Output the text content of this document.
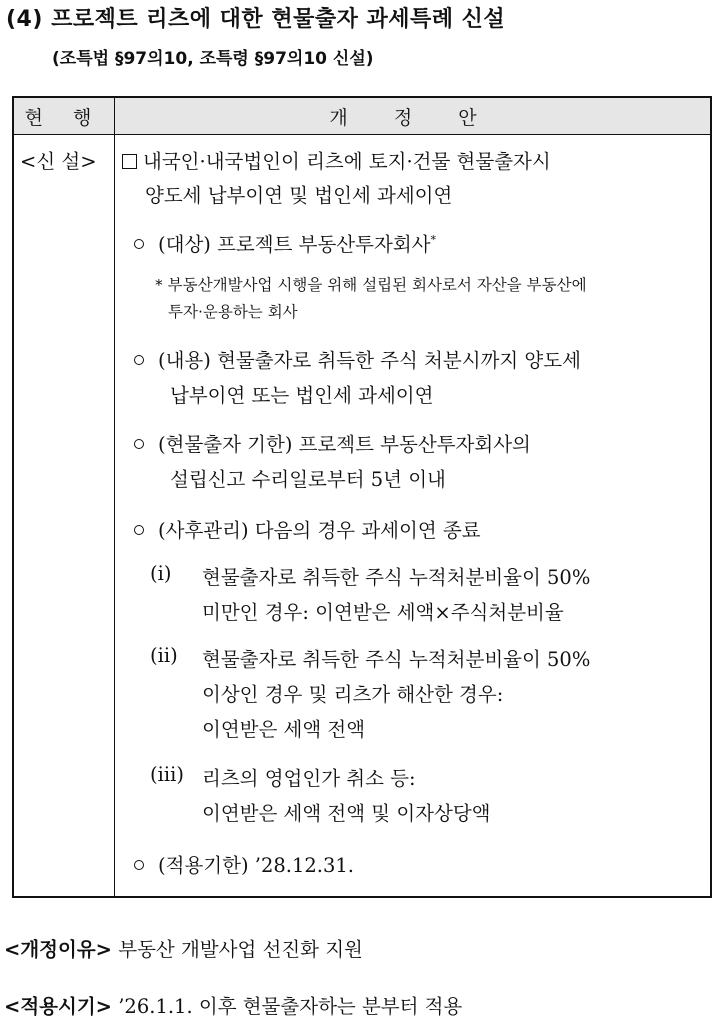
(4) 프로젝트 리츠에 대한 현물출자 과세특례 신설
(조특법 §97의10, 조특령 §97의10 신설)
현 행	개 정 안
<신 설>	내국인·내국법인이 리츠에 토지·건물 현물출자시
양도세 납부이연 및 법인세 과세이연
(대상) 프로젝트 부동산투자회사*
* 부동산개발사업 시행을 위해 설립된 회사로서 자산을 부동산에
투자·운용하는 회사
(내용) 현물출자로 취득한 주식 처분시까지 양도세
납부이연 또는 법인세 과세이연
(현물출자 기한) 프로젝트 부동산투자회사의
설립신고 수리일로부터 5년 이내
(사후관리) 다음의 경우 과세이연 종료
(ⅰ) 현물출자로 취득한 주식 누적처분비율이 50%
미만인 경우: 이연받은 세액×주식처분비율
(ⅱ) 현물출자로 취득한 주식 누적처분비율이 50%
이상인 경우 및 리츠가 해산한 경우:
이연받은 세액 전액
(ⅲ) 리츠의 영업인가 취소 등:
이연받은 세액 전액 및 이자상당액
(적용기한) ’28.12.31.
<개정이유> 부동산 개발사업 선진화 지원
<적용시기> ’26.1.1. 이후 현물출자하는 분부터 적용
